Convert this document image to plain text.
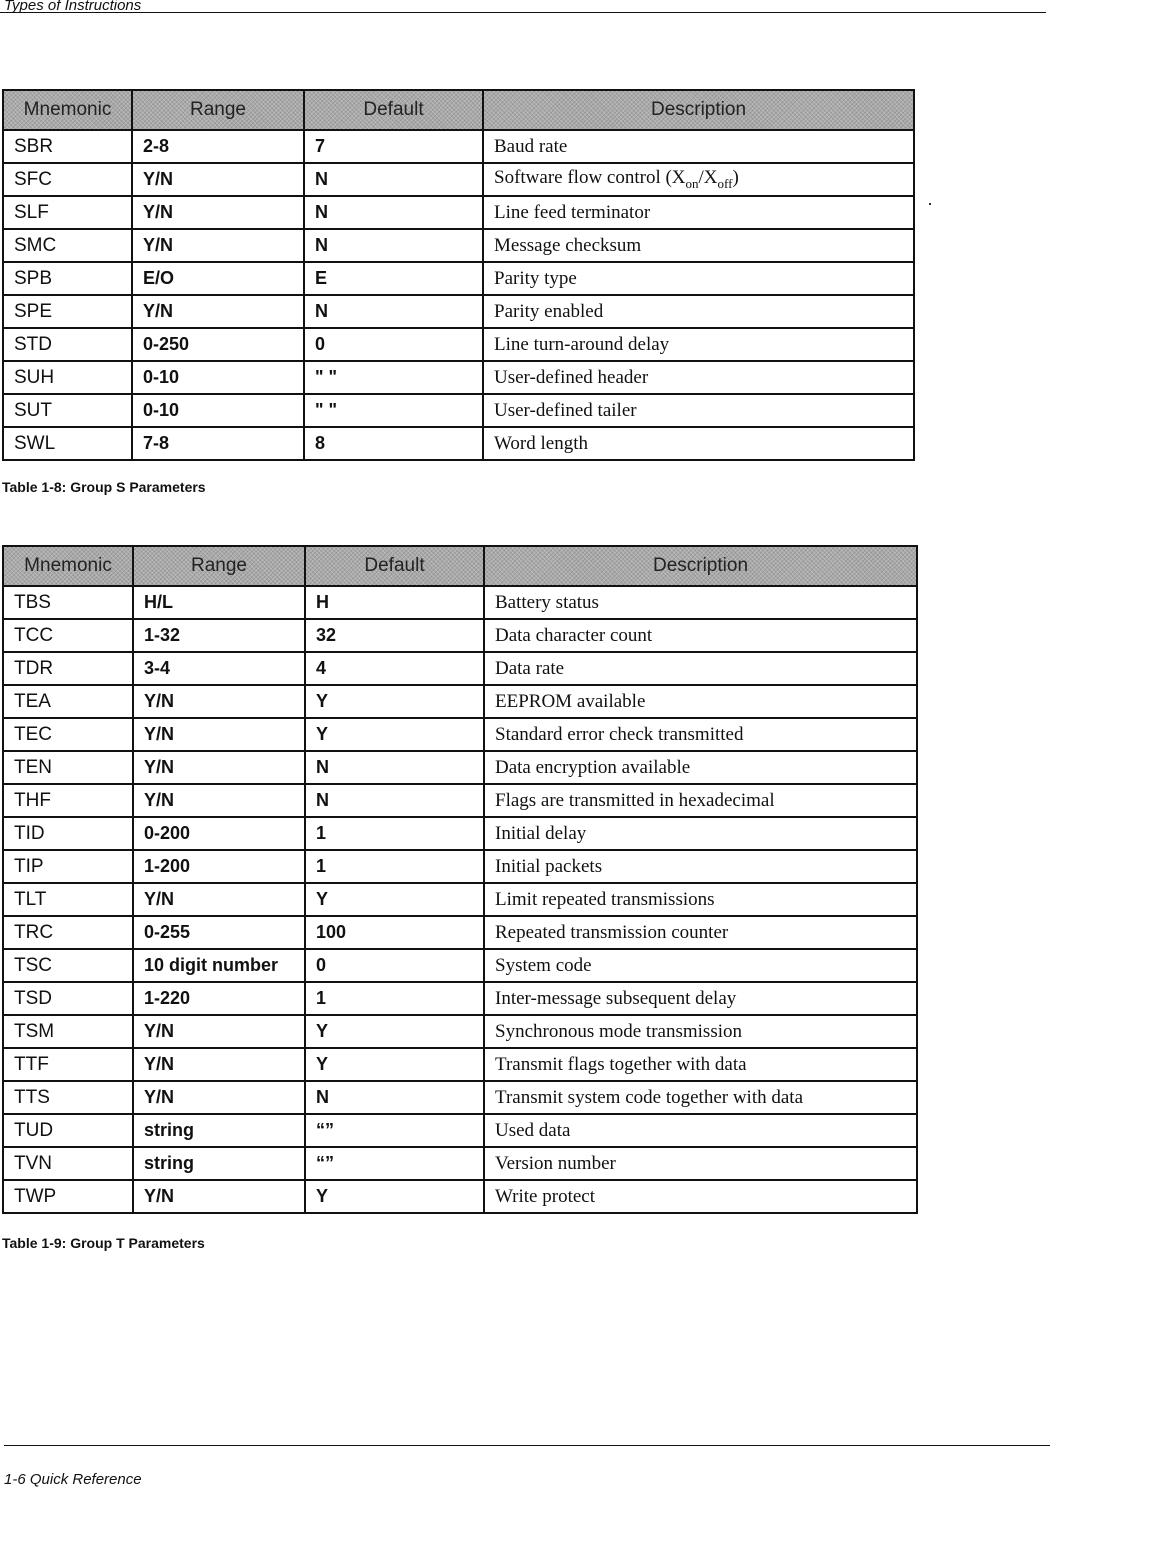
Types of Instructions
Mnemonic	Range	Default	Description
SBR	2-8	7	Baud rate
SFC	Y/N	N	Software flow control $(X_{on}/X_{off})$
SLF	Y/N	N	Line feed terminator
SMC	Y/N	N	Message checksum
SPB	E/O	E	Parity type
SPE	Y/N	N	Parity enabled
STD	0-250	0	Line turn-around delay
SUH	0-10	" "	User-defined header
SUT	0-10	" "	User-defined tailer
SWL	7-8	8	Word length
Table 1-8: Group S Parameters
Mnemonic	Range	Default	Description
TBS	H/L	H	Battery status
TCC	1-32	32	Data character count
TDR	3-4	4	Data rate
TEA	Y/N	Y	EEPROM available
TEC	Y/N	Y	Standard error check transmitted
TEN	Y/N	N	Data encryption available
THF	Y/N	N	Flags are transmitted in hexadecimal
TID	0-200	1	Initial delay
TIP	1-200	1	Initial packets
TLT	Y/N	Y	Limit repeated transmissions
TRC	0-255	100	Repeated transmission counter
TSC	10 digit number	0	System code
TSD	1-220	1	Inter-message subsequent delay
TSM	Y/N	Y	Synchronous mode transmission
TTF	Y/N	Y	Transmit flags together with data
TTS	Y/N	N	Transmit system code together with data
TUD	string	“”	Used data
TVN	string	“”	Version number
TWP	Y/N	Y	Write protect
Table 1-9: Group T Parameters
1-6 Quick Reference
